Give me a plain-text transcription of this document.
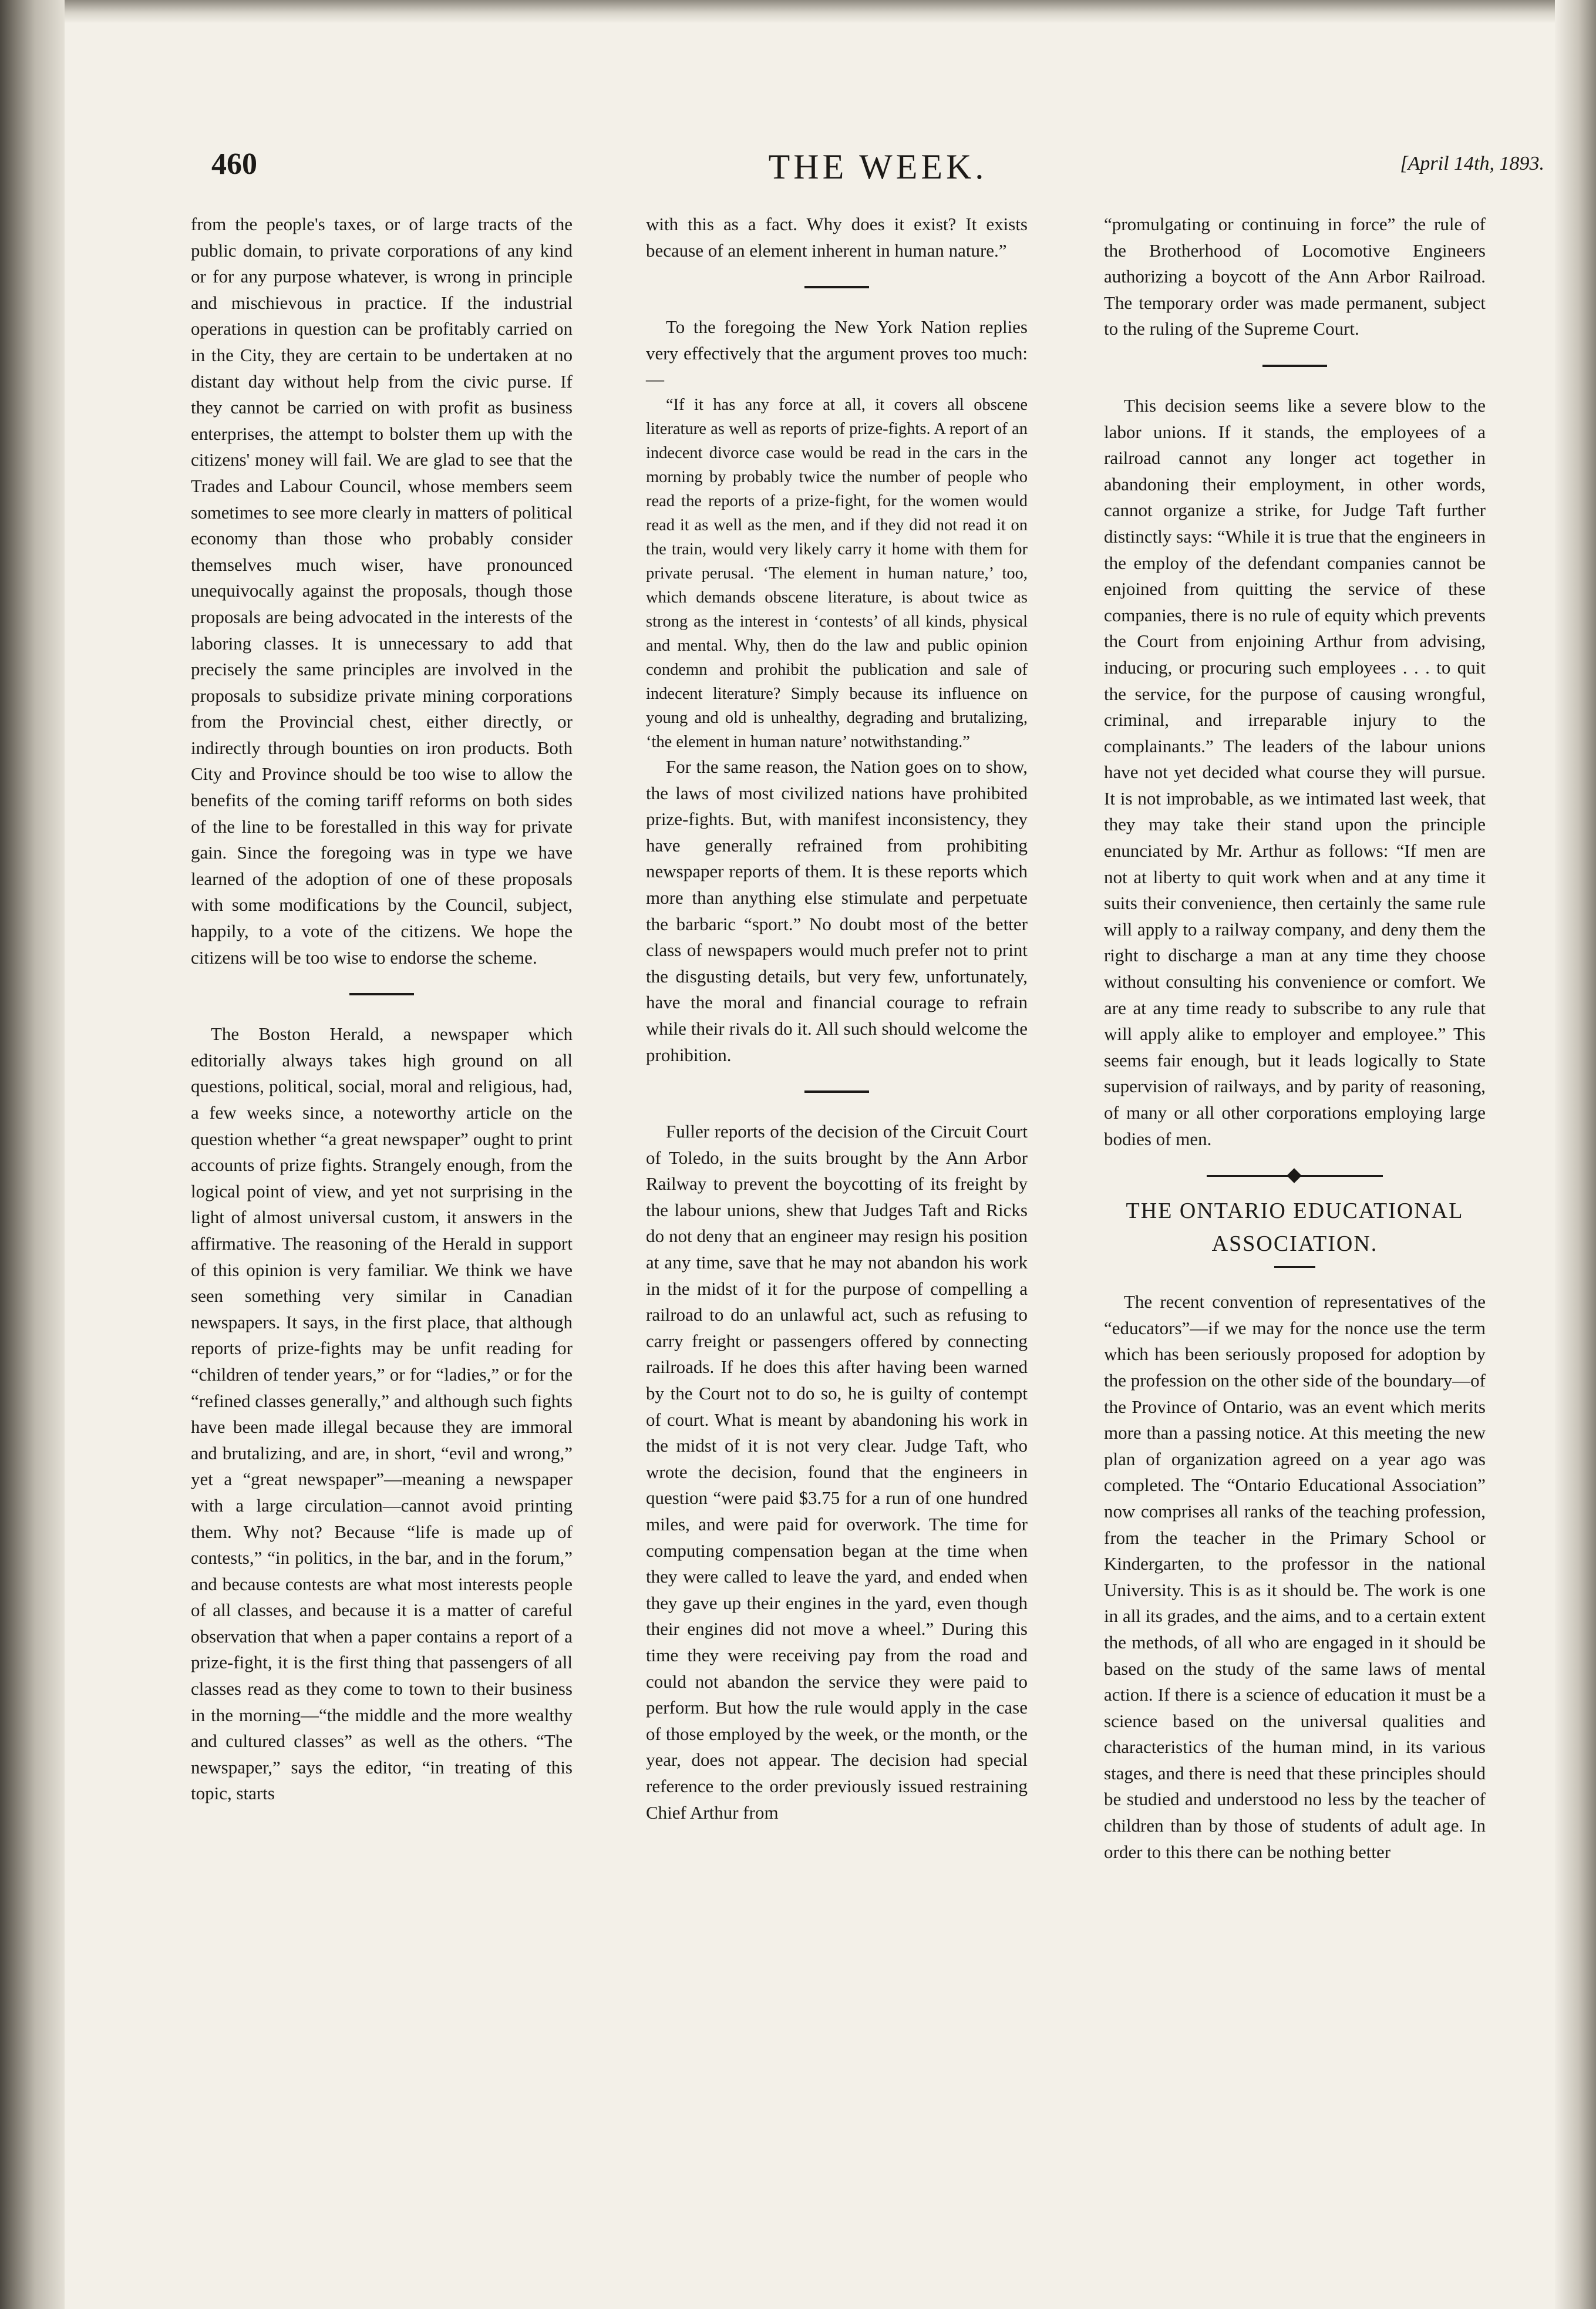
460	THE WEEK.	[April 14th, 1893.

from the people's taxes, or of large tracts of the public domain, to private corporations of any kind or for any purpose whatever, is wrong in principle and mischievous in practice. If the industrial operations in question can be profitably carried on in the City, they are certain to be undertaken at no distant day without help from the civic purse. If they cannot be carried on with profit as business enterprises, the attempt to bolster them up with the citizens' money will fail. We are glad to see that the Trades and Labour Council, whose members seem sometimes to see more clearly in matters of political economy than those who probably consider themselves much wiser, have pronounced unequivocally against the proposals, though those proposals are being advocated in the interests of the laboring classes. It is unnecessary to add that precisely the same principles are involved in the proposals to subsidize private mining corporations from the Provincial chest, either directly, or indirectly through bounties on iron products. Both City and Province should be too wise to allow the benefits of the coming tariff reforms on both sides of the line to be forestalled in this way for private gain. Since the foregoing was in type we have learned of the adoption of one of these proposals with some modifications by the Council, subject, happily, to a vote of the citizens. We hope the citizens will be too wise to endorse the scheme.

The Boston Herald, a newspaper which editorially always takes high ground on all questions, political, social, moral and religious, had, a few weeks since, a noteworthy article on the question whether “a great newspaper” ought to print accounts of prize fights. Strangely enough, from the logical point of view, and yet not surprising in the light of almost universal custom, it answers in the affirmative. The reasoning of the Herald in support of this opinion is very familiar. We think we have seen something very similar in Canadian newspapers. It says, in the first place, that although reports of prize-fights may be unfit reading for “children of tender years,” or for “ladies,” or for the “refined classes generally,” and although such fights have been made illegal because they are immoral and brutalizing, and are, in short, “evil and wrong,” yet a “great newspaper”—meaning a newspaper with a large circulation—cannot avoid printing them. Why not? Because “life is made up of contests,” “in politics, in the bar, and in the forum,” and because contests are what most interests people of all classes, and because it is a matter of careful observation that when a paper contains a report of a prize-fight, it is the first thing that passengers of all classes read as they come to town to their business in the morning—“the middle and the more wealthy and cultured classes” as well as the others. “The newspaper,” says the editor, “in treating of this topic, starts

with this as a fact. Why does it exist? It exists because of an element inherent in human nature.”

To the foregoing the New York Nation replies very effectively that the argument proves too much:—

“If it has any force at all, it covers all obscene literature as well as reports of prize-fights. A report of an indecent divorce case would be read in the cars in the morning by probably twice the number of people who read the reports of a prize-fight, for the women would read it as well as the men, and if they did not read it on the train, would very likely carry it home with them for private perusal. ‘The element in human nature,’ too, which demands obscene literature, is about twice as strong as the interest in ‘contests’ of all kinds, physical and mental. Why, then do the law and public opinion condemn and prohibit the publication and sale of indecent literature? Simply because its influence on young and old is unhealthy, degrading and brutalizing, ‘the element in human nature’ notwithstanding.”

For the same reason, the Nation goes on to show, the laws of most civilized nations have prohibited prize-fights. But, with manifest inconsistency, they have generally refrained from prohibiting newspaper reports of them. It is these reports which more than anything else stimulate and perpetuate the barbaric “sport.” No doubt most of the better class of newspapers would much prefer not to print the disgusting details, but very few, unfortunately, have the moral and financial courage to refrain while their rivals do it. All such should welcome the prohibition.

Fuller reports of the decision of the Circuit Court of Toledo, in the suits brought by the Ann Arbor Railway to prevent the boycotting of its freight by the labour unions, shew that Judges Taft and Ricks do not deny that an engineer may resign his position at any time, save that he may not abandon his work in the midst of it for the purpose of compelling a railroad to do an unlawful act, such as refusing to carry freight or passengers offered by connecting railroads. If he does this after having been warned by the Court not to do so, he is guilty of contempt of court. What is meant by abandoning his work in the midst of it is not very clear. Judge Taft, who wrote the decision, found that the engineers in question “were paid $3.75 for a run of one hundred miles, and were paid for overwork. The time for computing compensation began at the time when they were called to leave the yard, and ended when they gave up their engines in the yard, even though their engines did not move a wheel.” During this time they were receiving pay from the road and could not abandon the service they were paid to perform. But how the rule would apply in the case of those employed by the week, or the month, or the year, does not appear. The decision had special reference to the order previously issued restraining Chief Arthur from

“promulgating or continuing in force” the rule of the Brotherhood of Locomotive Engineers authorizing a boycott of the Ann Arbor Railroad. The temporary order was made permanent, subject to the ruling of the Supreme Court.

This decision seems like a severe blow to the labor unions. If it stands, the employees of a railroad cannot any longer act together in abandoning their employment, in other words, cannot organize a strike, for Judge Taft further distinctly says: “While it is true that the engineers in the employ of the defendant companies cannot be enjoined from quitting the service of these companies, there is no rule of equity which prevents the Court from enjoining Arthur from advising, inducing, or procuring such employees . . . to quit the service, for the purpose of causing wrongful, criminal, and irreparable injury to the complainants.” The leaders of the labour unions have not yet decided what course they will pursue. It is not improbable, as we intimated last week, that they may take their stand upon the principle enunciated by Mr. Arthur as follows: “If men are not at liberty to quit work when and at any time it suits their convenience, then certainly the same rule will apply to a railway company, and deny them the right to discharge a man at any time they choose without consulting his convenience or comfort. We are at any time ready to subscribe to any rule that will apply alike to employer and employee.” This seems fair enough, but it leads logically to State supervision of railways, and by parity of reasoning, of many or all other corporations employing large bodies of men.

THE ONTARIO EDUCATIONAL
ASSOCIATION.

The recent convention of representatives of the “educators”—if we may for the nonce use the term which has been seriously proposed for adoption by the profession on the other side of the boundary—of the Province of Ontario, was an event which merits more than a passing notice. At this meeting the new plan of organization agreed on a year ago was completed. The “Ontario Educational Association” now comprises all ranks of the teaching profession, from the teacher in the Primary School or Kindergarten, to the professor in the national University. This is as it should be. The work is one in all its grades, and the aims, and to a certain extent the methods, of all who are engaged in it should be based on the study of the same laws of mental action. If there is a science of education it must be a science based on the universal qualities and characteristics of the human mind, in its various stages, and there is need that these principles should be studied and understood no less by the teacher of children than by those of students of adult age. In order to this there can be nothing better
